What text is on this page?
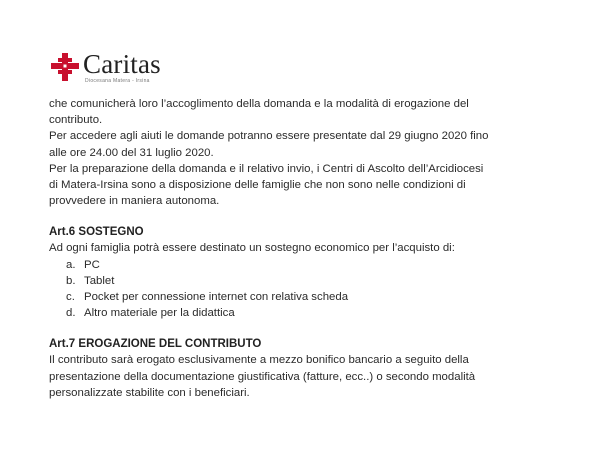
Caritas
Diocesana Matera - Irsina
che comunicherà loro l’accoglimento della domanda e la modalità di erogazione del
contributo.
Per accedere agli aiuti le domande potranno essere presentate dal 29 giugno 2020 fino
alle ore 24.00 del 31 luglio 2020.
Per la preparazione della domanda e il relativo invio, i Centri di Ascolto dell’Arcidiocesi
di Matera-Irsina sono a disposizione delle famiglie che non sono nelle condizioni di
provvedere in maniera autonoma.
Art.6 SOSTEGNO

Ad ogni famiglia potrà essere destinato un sostegno economico per l’acquisto di:

a. PC
b. Tablet
c. Pocket per connessione internet con relativa scheda
d. Altro materiale per la didattica
Art.7 EROGAZIONE DEL CONTRIBUTO
Il contributo sarà erogato esclusivamente a mezzo bonifico bancario a seguito della
presentazione della documentazione giustificativa (fatture, ecc..) o secondo modalità
personalizzate stabilite con i beneficiari.
